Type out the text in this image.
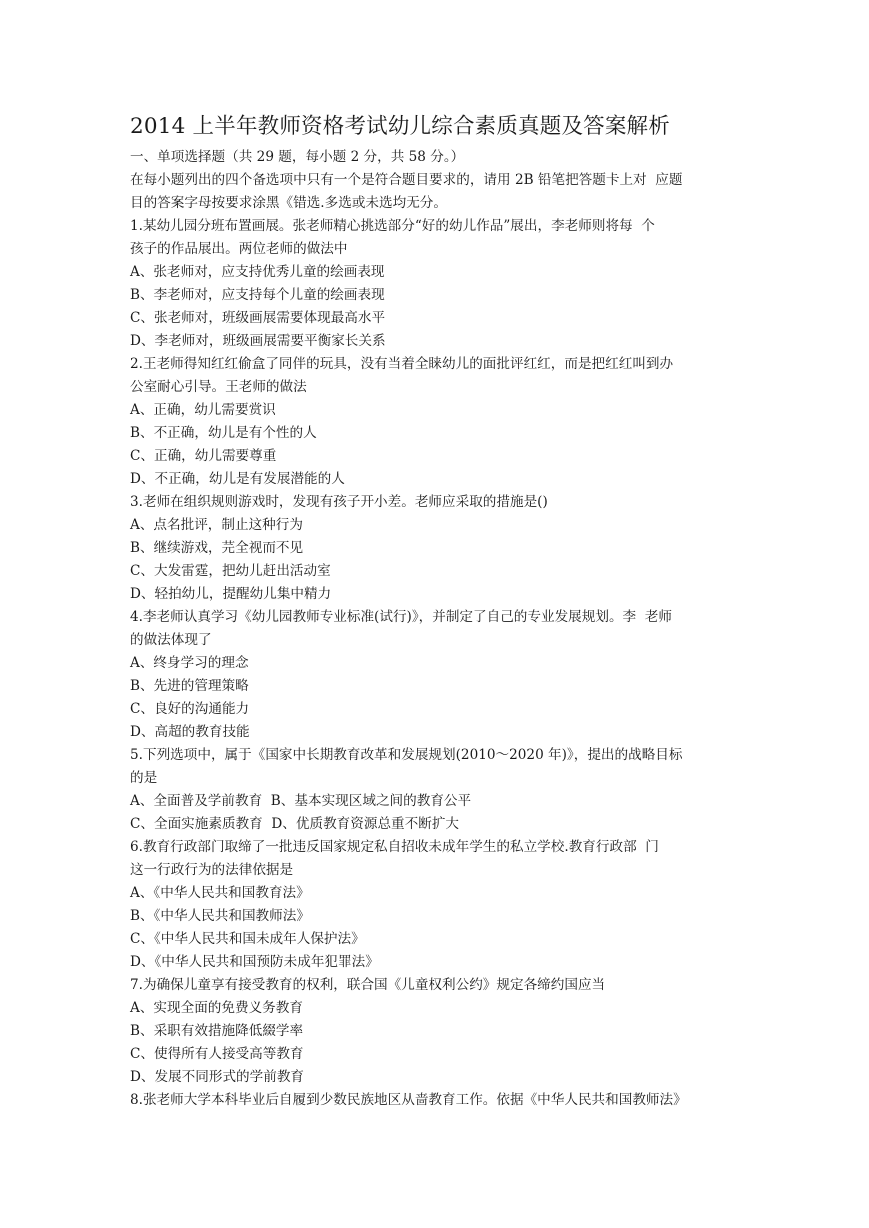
2014 上半年教师资格考试幼儿综合素质真题及答案解析
一、单项选择题（共 29 题，每小题 2 分，共 58 分。）
在每小题列出的四个备选项中只有一个是符合题目要求的，请用 2B 铅笔把答题卡上对  应题
目的答案字母按要求涂黑《错选.多选或未选均无分。
1.某幼儿园分班布置画展。张老师精心挑选部分“好的幼儿作品”展出，李老师则将每  个
孩子的作品展出。两位老师的做法中
A、张老师对，应支持优秀儿童的绘画表现
B、李老师对，应支持每个儿童的绘画表现
C、张老师对，班级画展需要体现最高水平
D、李老师对，班级画展需要平衡家长关系
2.王老师得知红红偷盒了同伴的玩具，没有当着全睐幼儿的面批评红红，而是把红红叫到办
公室耐心引导。王老师的做法
A、正确，幼儿需要赏识
B、不正确，幼儿是有个性的人
C、正确，幼儿需要尊重
D、不正确，幼儿是有发展潜能的人
3.老师在组织规则游戏时，发现有孩子开小差。老师应采取的措施是()
A、点名批评，制止这种行为
B、继续游戏，芫全视而不见
C、大发雷霆，把幼儿赶出活动室
D、轻拍幼儿，提醒幼儿集中精力
4.李老师认真学习《幼儿园教师专业标准(试行)》，并制定了自己的专业发展规划。李  老师
的做法体现了
A、终身学习的理念
B、先进的管理策略
C、良好的沟通能力
D、高超的教育技能
5.下列选项中，属于《国家中长期教育改革和发展规划(2010～2020 年)》，提出的战略目标
的是
A、全面普及学前教育  B、基本实现区域之间的教育公平
C、全面实施素质教育  D、优质教育资源总重不断扩大
6.教育行政部门取缔了一批违反国家规定私自招收未成年学生的私立学校.教育行政部  门
这一行政行为的法律依据是
A、《中华人民共和国教育法》
B、《中华人民共和国教师法》
C、《中华人民共和国未成年人保护法》
D、《中华人民共和国预防未成年犯罪法》
7.为确保儿童享有接受教育的权利，联合国《儿童权利公约》规定各缔约国应当
A、实现全面的免费义务教育
B、采职有效措施降低綴学率
C、使得所有人接受高等教育
D、发展不同形式的学前教育
8.张老师大学本科毕业后自履到少数民族地区从啬教育工作。依据《中华人民共和国教师法》
